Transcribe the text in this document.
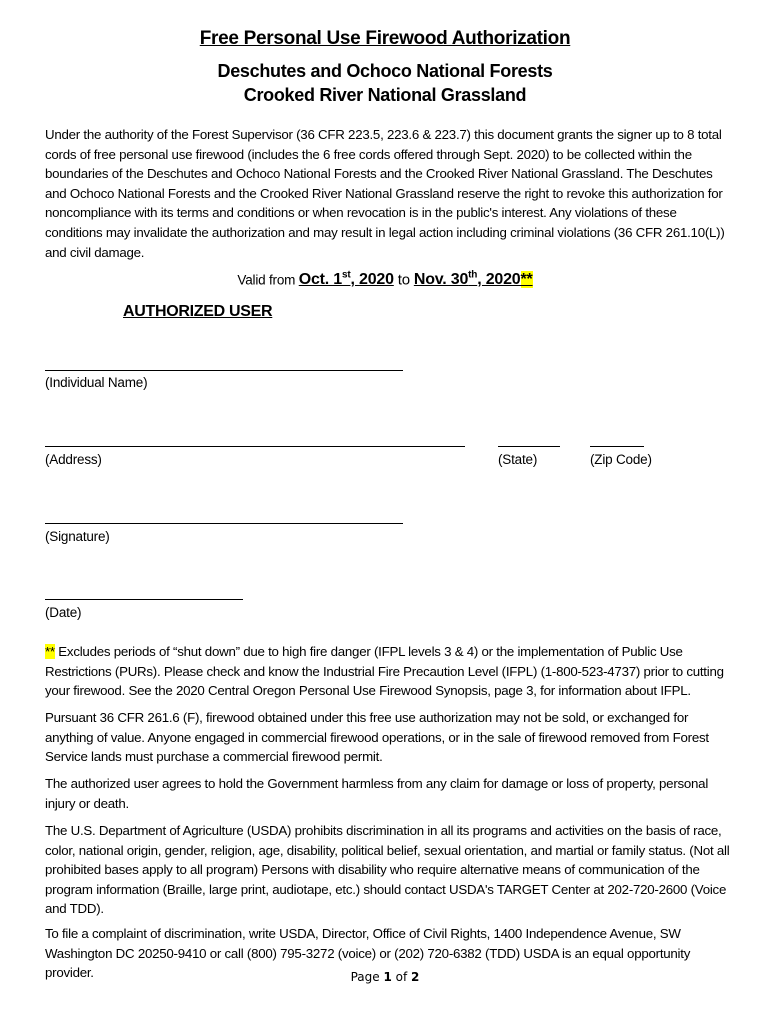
Free Personal Use Firewood Authorization
Deschutes and Ochoco National Forests
Crooked River National Grassland

Under the authority of the Forest Supervisor (36 CFR 223.5, 223.6 & 223.7) this document grants the signer up to 8 total cords of free personal use firewood (includes the 6 free cords offered through Sept. 2020) to be collected within the boundaries of the Deschutes and Ochoco National Forests and the Crooked River National Grassland. The Deschutes and Ochoco National Forests and the Crooked River National Grassland reserve the right to revoke this authorization for noncompliance with its terms and conditions or when revocation is in the public's interest. Any violations of these conditions may invalidate the authorization and may result in legal action including criminal violations (36 CFR 261.10(L)) and civil damage.

Valid from Oct. 1st, 2020 to Nov. 30th, 2020**
AUTHORIZED USER
(Individual Name)
(Address)	(State)	(Zip Code)
(Signature)
(Date)

** Excludes periods of “shut down” due to high fire danger (IFPL levels 3 & 4) or the implementation of Public Use Restrictions (PURs). Please check and know the Industrial Fire Precaution Level (IFPL) (1-800-523-4737) prior to cutting your firewood. See the 2020 Central Oregon Personal Use Firewood Synopsis, page 3, for information about IFPL.

Pursuant 36 CFR 261.6 (F), firewood obtained under this free use authorization may not be sold, or exchanged for anything of value. Anyone engaged in commercial firewood operations, or in the sale of firewood removed from Forest Service lands must purchase a commercial firewood permit.

The authorized user agrees to hold the Government harmless from any claim for damage or loss of property, personal injury or death.

The U.S. Department of Agriculture (USDA) prohibits discrimination in all its programs and activities on the basis of race, color, national origin, gender, religion, age, disability, political belief, sexual orientation, and martial or family status. (Not all prohibited bases apply to all program) Persons with disability who require alternative means of communication of the program information (Braille, large print, audiotape, etc.) should contact USDA's TARGET Center at 202-720-2600 (Voice and TDD).

To file a complaint of discrimination, write USDA, Director, Office of Civil Rights, 1400 Independence Avenue, SW Washington DC 20250-9410 or call (800) 795-3272 (voice) or (202) 720-6382 (TDD) USDA is an equal opportunity provider.	Page 1 of 2
